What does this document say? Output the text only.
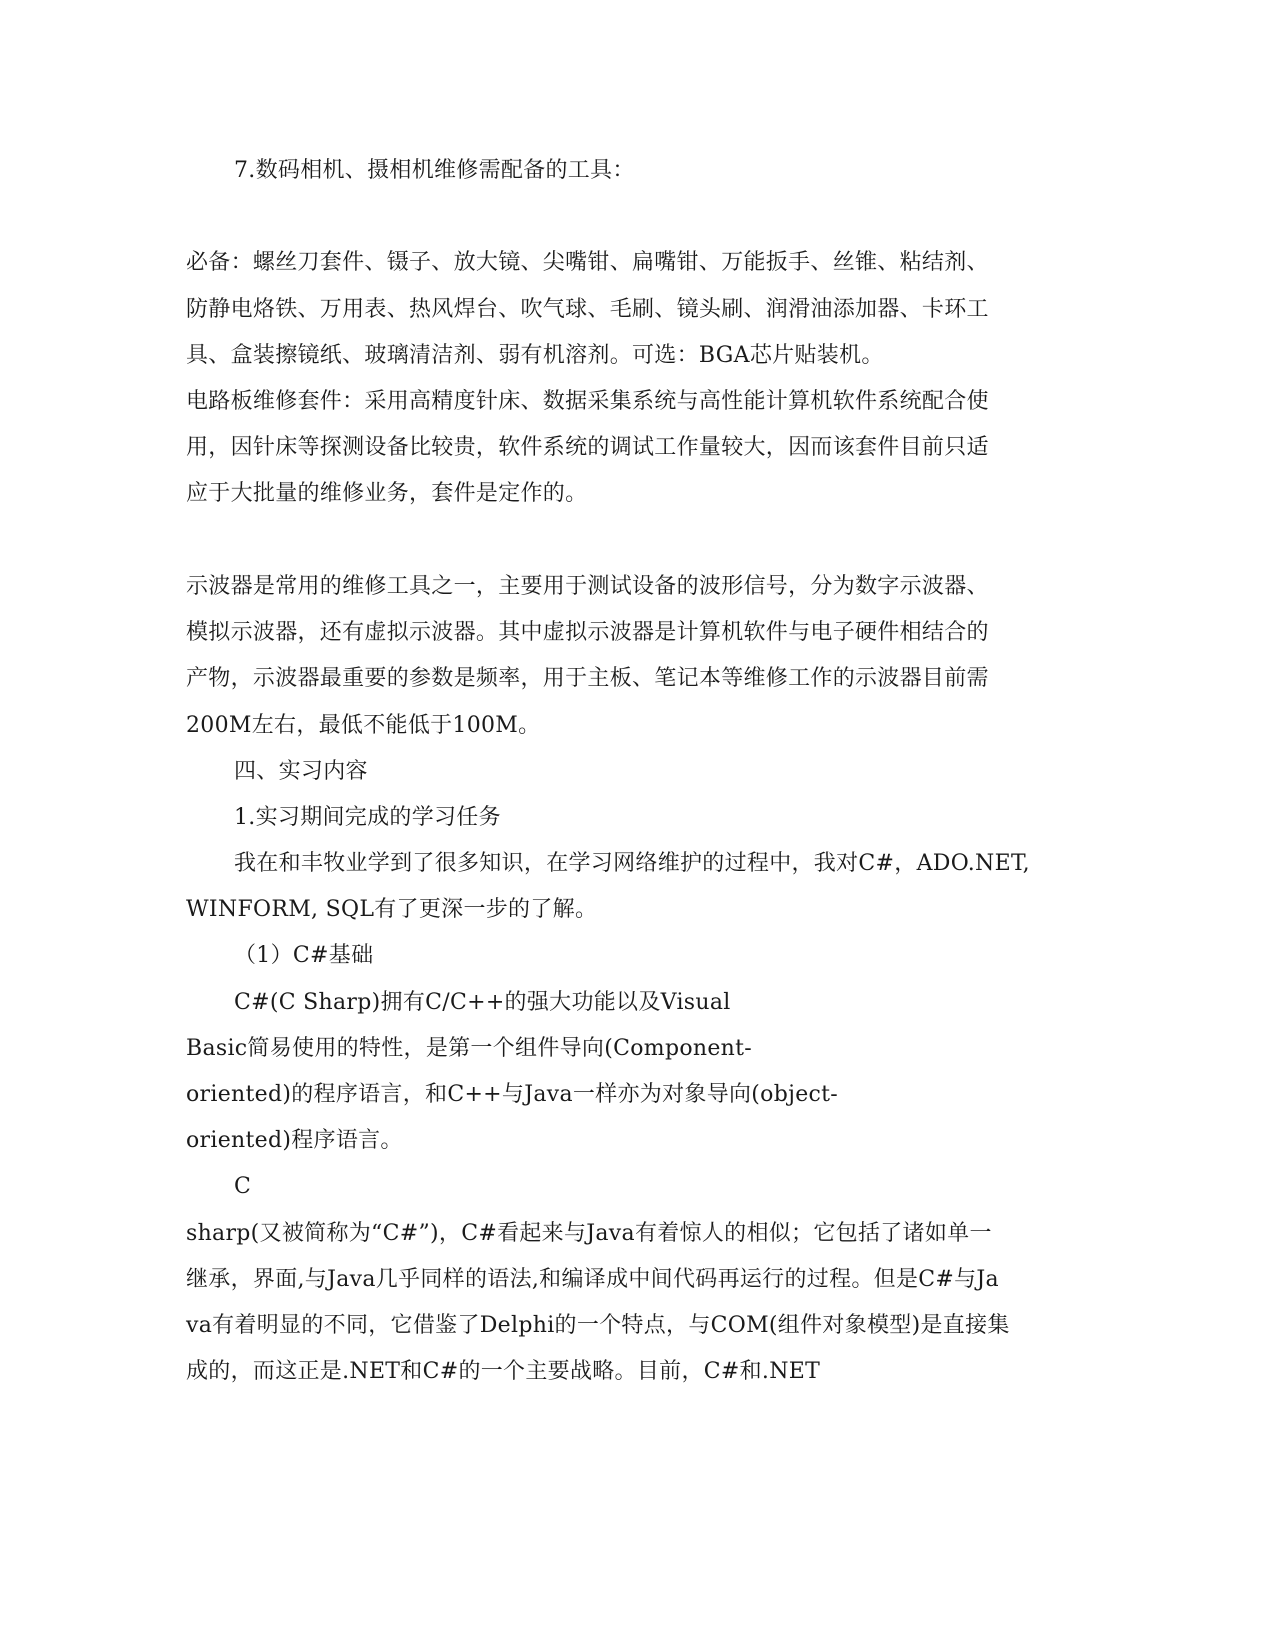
7.数码相机、摄相机维修需配备的工具：
必备：螺丝刀套件、镊子、放大镜、尖嘴钳、扁嘴钳、万能扳手、丝锥、粘结剂、
防静电烙铁、万用表、热风焊台、吹气球、毛刷、镜头刷、润滑油添加器、卡环工
具、盒装擦镜纸、玻璃清洁剂、弱有机溶剂。可选：BGA芯片贴装机。
电路板维修套件：采用高精度针床、数据采集系统与高性能计算机软件系统配合使
用，因针床等探测设备比较贵，软件系统的调试工作量较大，因而该套件目前只适
应于大批量的维修业务，套件是定作的。
示波器是常用的维修工具之一，主要用于测试设备的波形信号，分为数字示波器、
模拟示波器，还有虚拟示波器。其中虚拟示波器是计算机软件与电子硬件相结合的
产物，示波器最重要的参数是频率，用于主板、笔记本等维修工作的示波器目前需
200M左右，最低不能低于100M。
四、实习内容
1.实习期间完成的学习任务
我在和丰牧业学到了很多知识，在学习网络维护的过程中，我对C#，ADO.NET,
WINFORM, SQL有了更深一步的了解。
（1）C#基础
C#(C Sharp)拥有C/C++的强大功能以及Visual
Basic简易使用的特性，是第一个组件导向(Component-
oriented)的程序语言，和C++与Java一样亦为对象导向(object-
oriented)程序语言。
C
sharp(又被简称为“C#”)，C#看起来与Java有着惊人的相似；它包括了诸如单一
继承，界面,与Java几乎同样的语法,和编译成中间代码再运行的过程。但是C#与Ja
va有着明显的不同，它借鉴了Delphi的一个特点，与COM(组件对象模型)是直接集
成的，而这正是.NET和C#的一个主要战略。目前，C#和.NET
